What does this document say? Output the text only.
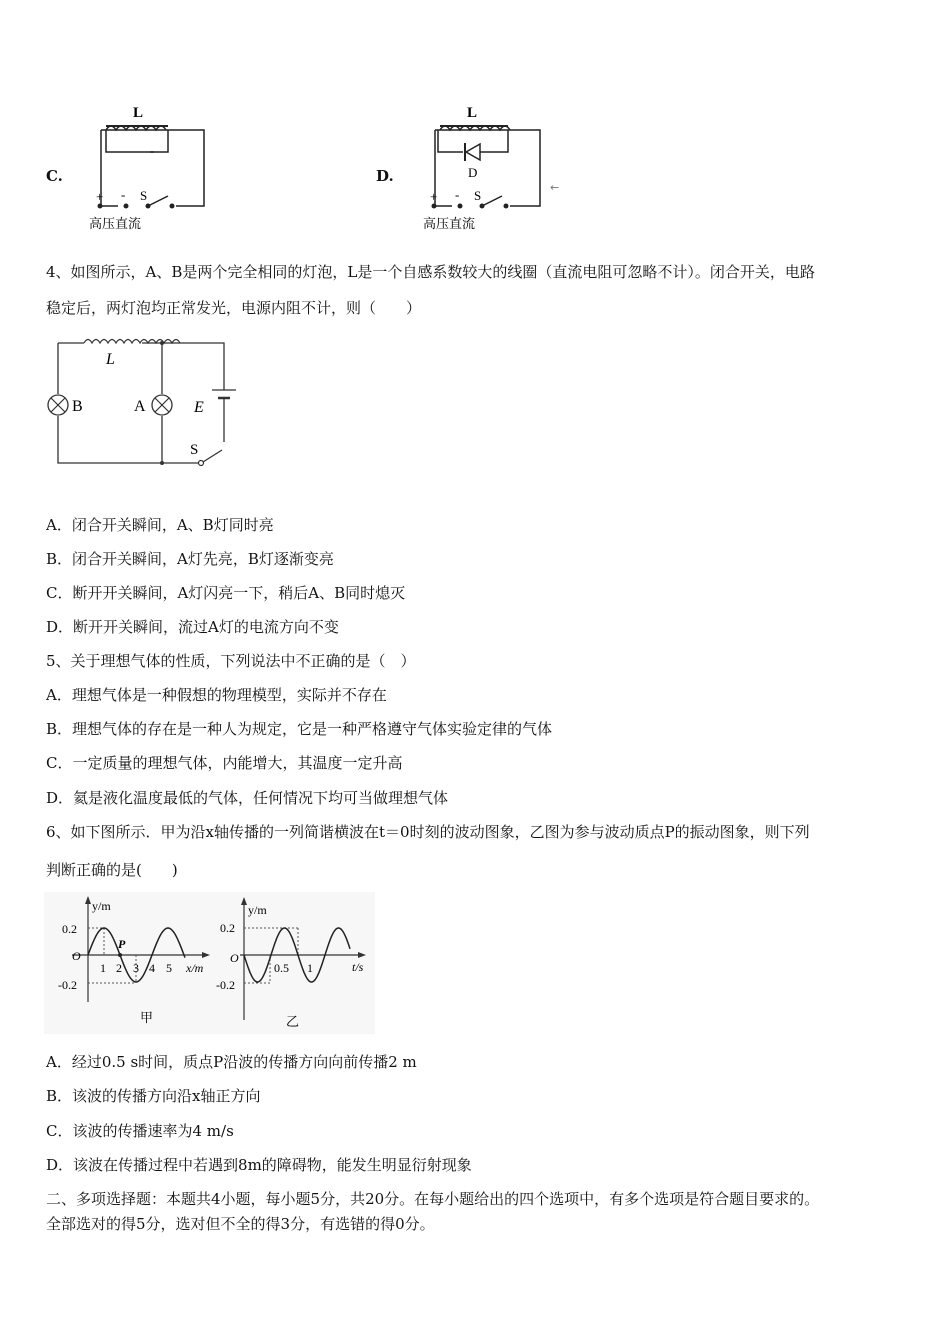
C.
L
+ - S
高压直流
D.
L
D
+ - S
高压直流
←
4、如图所示，A、B是两个完全相同的灯泡，L是一个自感系数较大的线圈（直流电阻可忽略不计）。闭合开关，电路
稳定后，两灯泡均正常发光，电源内阻不计，则（　　）
L
B	A	E
S
A．闭合开关瞬间，A、B灯同时亮
B．闭合开关瞬间，A灯先亮，B灯逐渐变亮
C．断开开关瞬间，A灯闪亮一下，稍后A、B同时熄灭
D．断开开关瞬间，流过A灯的电流方向不变
5、关于理想气体的性质，下列说法中不正确的是（　）
A．理想气体是一种假想的物理模型，实际并不存在
B．理想气体的存在是一种人为规定，它是一种严格遵守气体实验定律的气体
C．一定质量的理想气体，内能增大，其温度一定升高
D．氦是液化温度最低的气体，任何情况下均可当做理想气体
6、如下图所示．甲为沿x轴传播的一列简谐横波在t＝0时刻的波动图象，乙图为参与波动质点P的振动图象，则下列
判断正确的是(　　)
y/m
O
0.2
-0.2
P
1 2 3 4 5 x/m
甲
y/m
O
0.2
-0.2
0.5 1	t/s
乙
A．经过0.5 s时间，质点P沿波的传播方向向前传播2 m
B．该波的传播方向沿x轴正方向
C．该波的传播速率为4 m/s
D．该波在传播过程中若遇到8m的障碍物，能发生明显衍射现象
二、多项选择题：本题共4小题，每小题5分，共20分。在每小题给出的四个选项中，有多个选项是符合题目要求的。
全部选对的得5分，选对但不全的得3分，有选错的得0分。
